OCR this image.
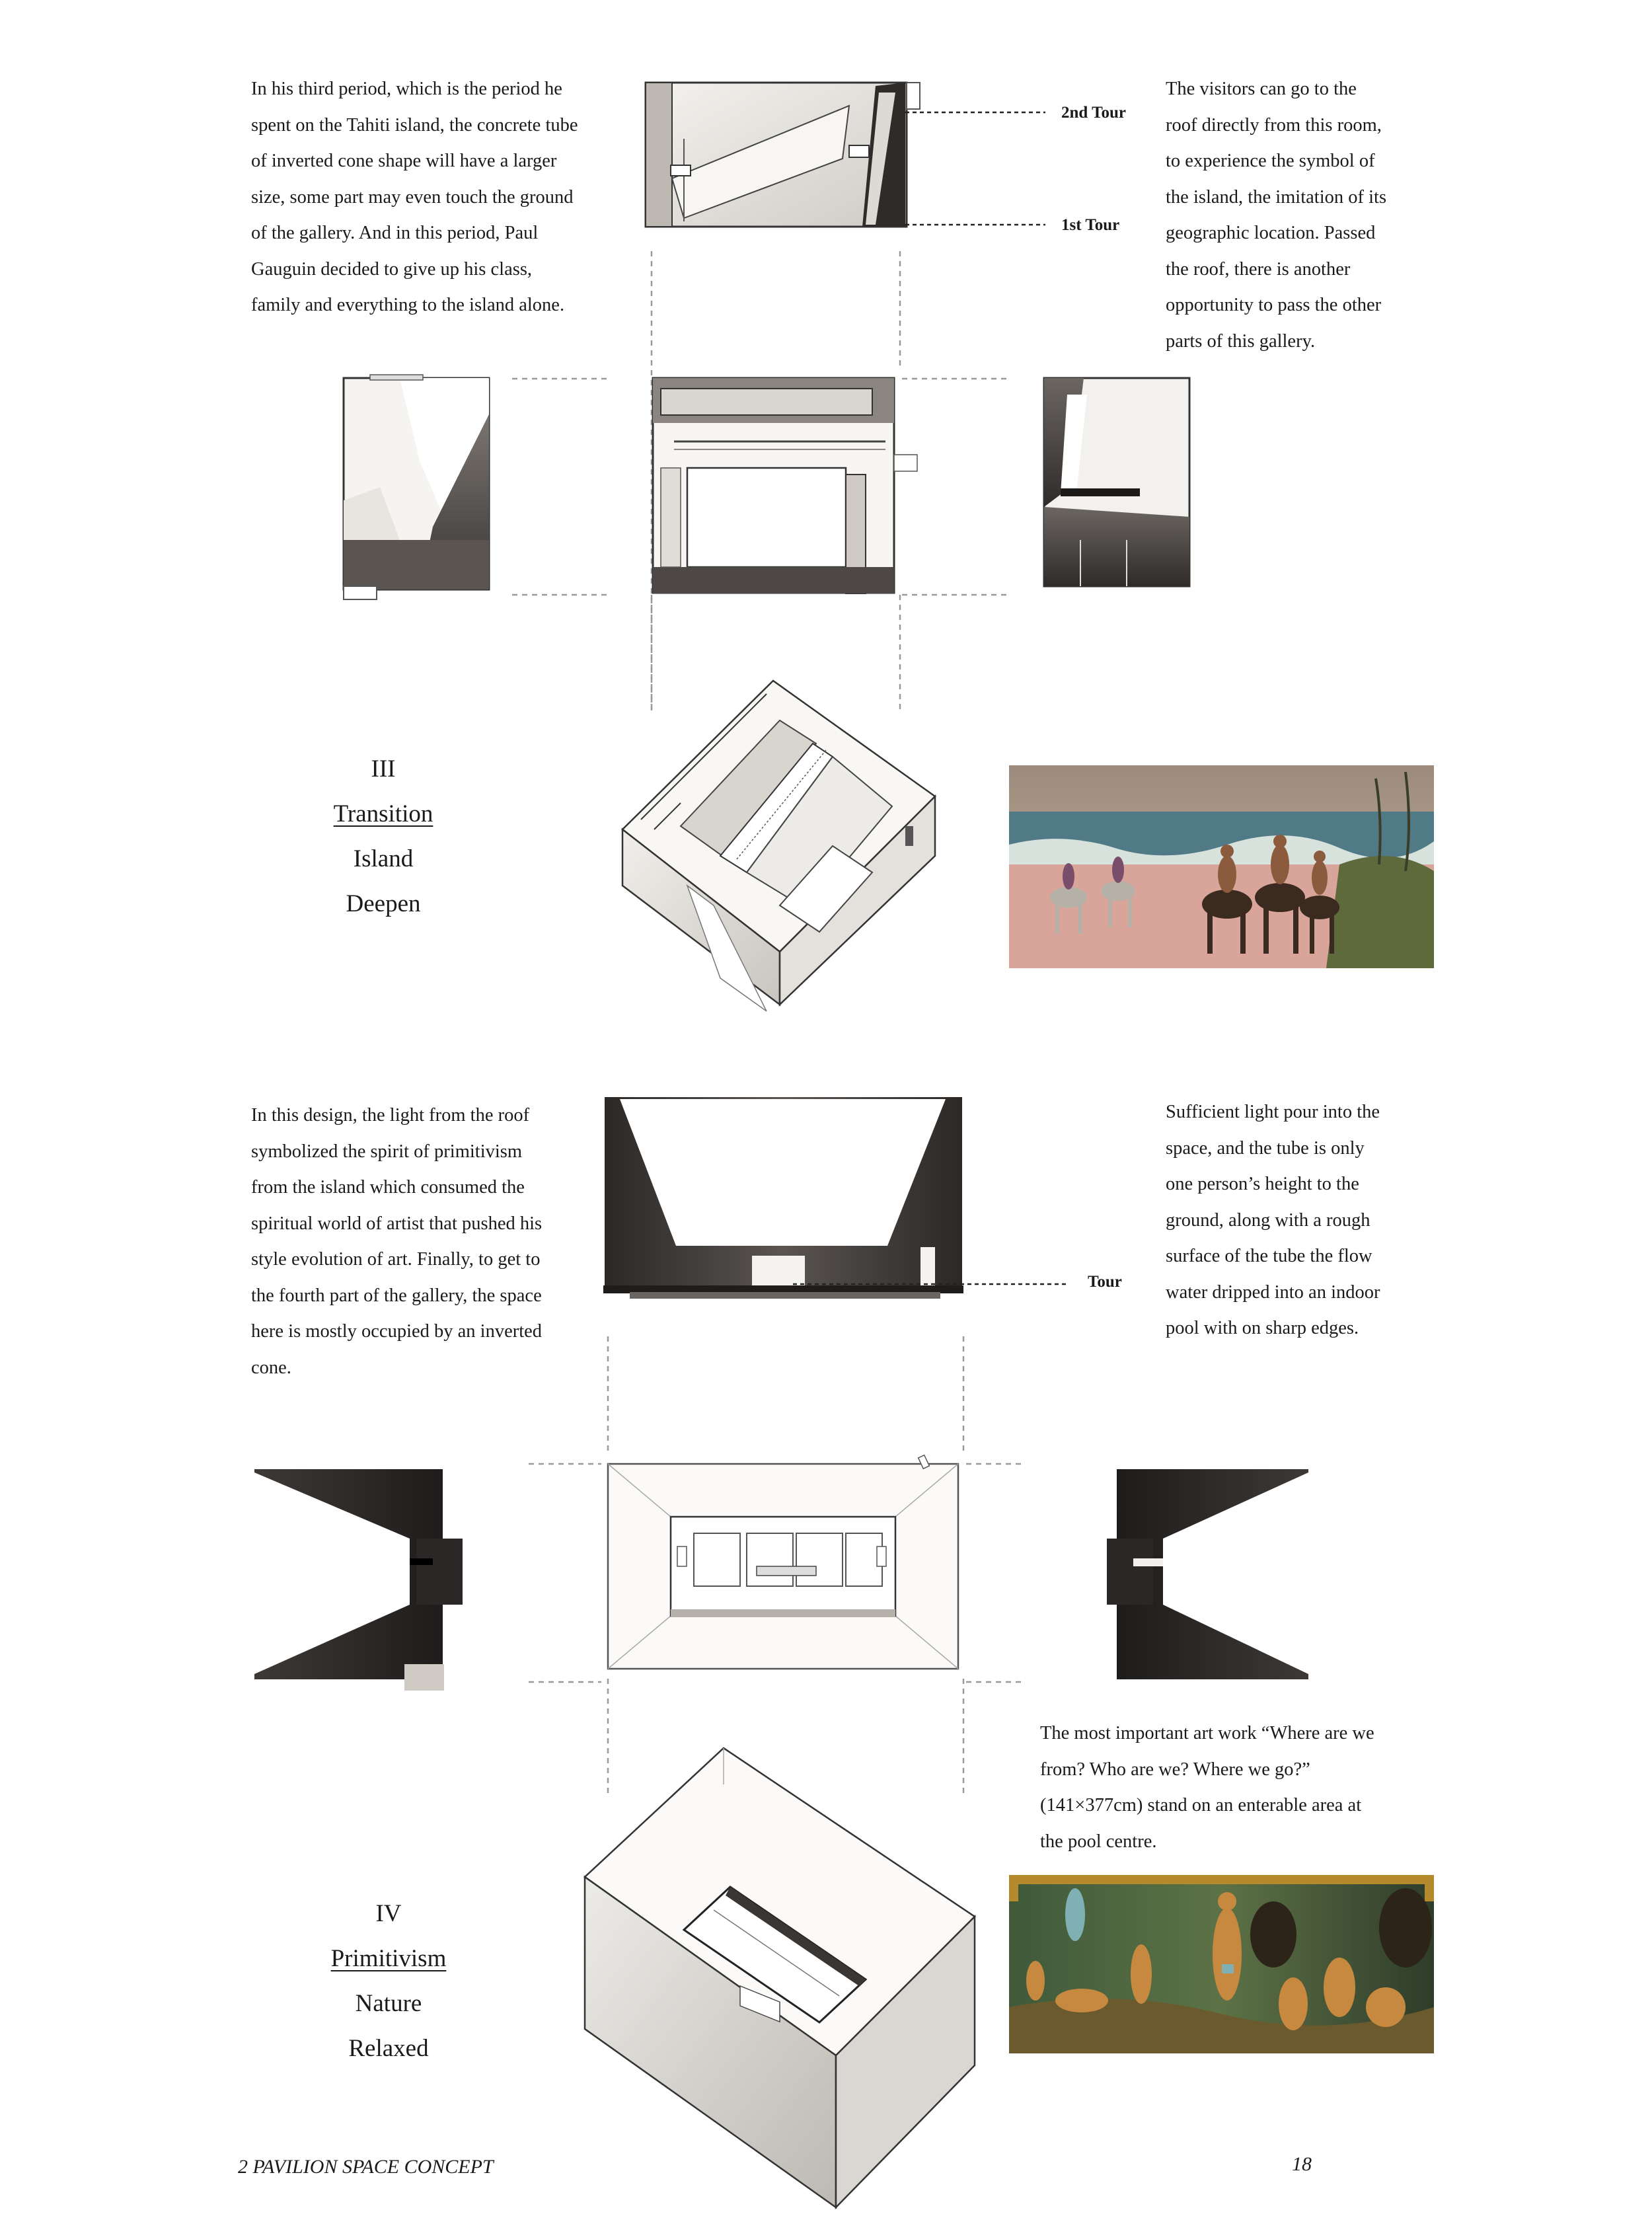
In his third period, which is the period he

spent on the Tahiti island, the concrete tube

of inverted cone shape will have a larger

size, some part may even touch the ground

of the gallery. And in this period, Paul

Gauguin decided to give up his class,

family and everything to the island alone.

The visitors can go to the

roof directly from this room,

to experience the symbol of

the island, the imitation of its

geographic location. Passed

the roof, there is another

opportunity to pass the other

parts of this gallery.

2nd Tour
1st Tour
III
Transition
Island
Deepen
Tour

In this design, the light from the roof

symbolized the spirit of primitivism

from the island which consumed the

spiritual world of artist that pushed his

style evolution of art. Finally, to get to

the fourth part of the gallery, the space

here is mostly occupied by an inverted

cone.

Sufficient light pour into the

space, and the tube is only

one person’s height to the

ground, along with a rough

surface of the tube the flow

water dripped into an indoor

pool with on sharp edges.

The most important art work “Where are we

from? Who are we? Where we go?”

(141×377cm) stand on an enterable area at

the pool centre.

IV
Primitivism
Nature
Relaxed
2 PAVILION SPACE CONCEPT	18
